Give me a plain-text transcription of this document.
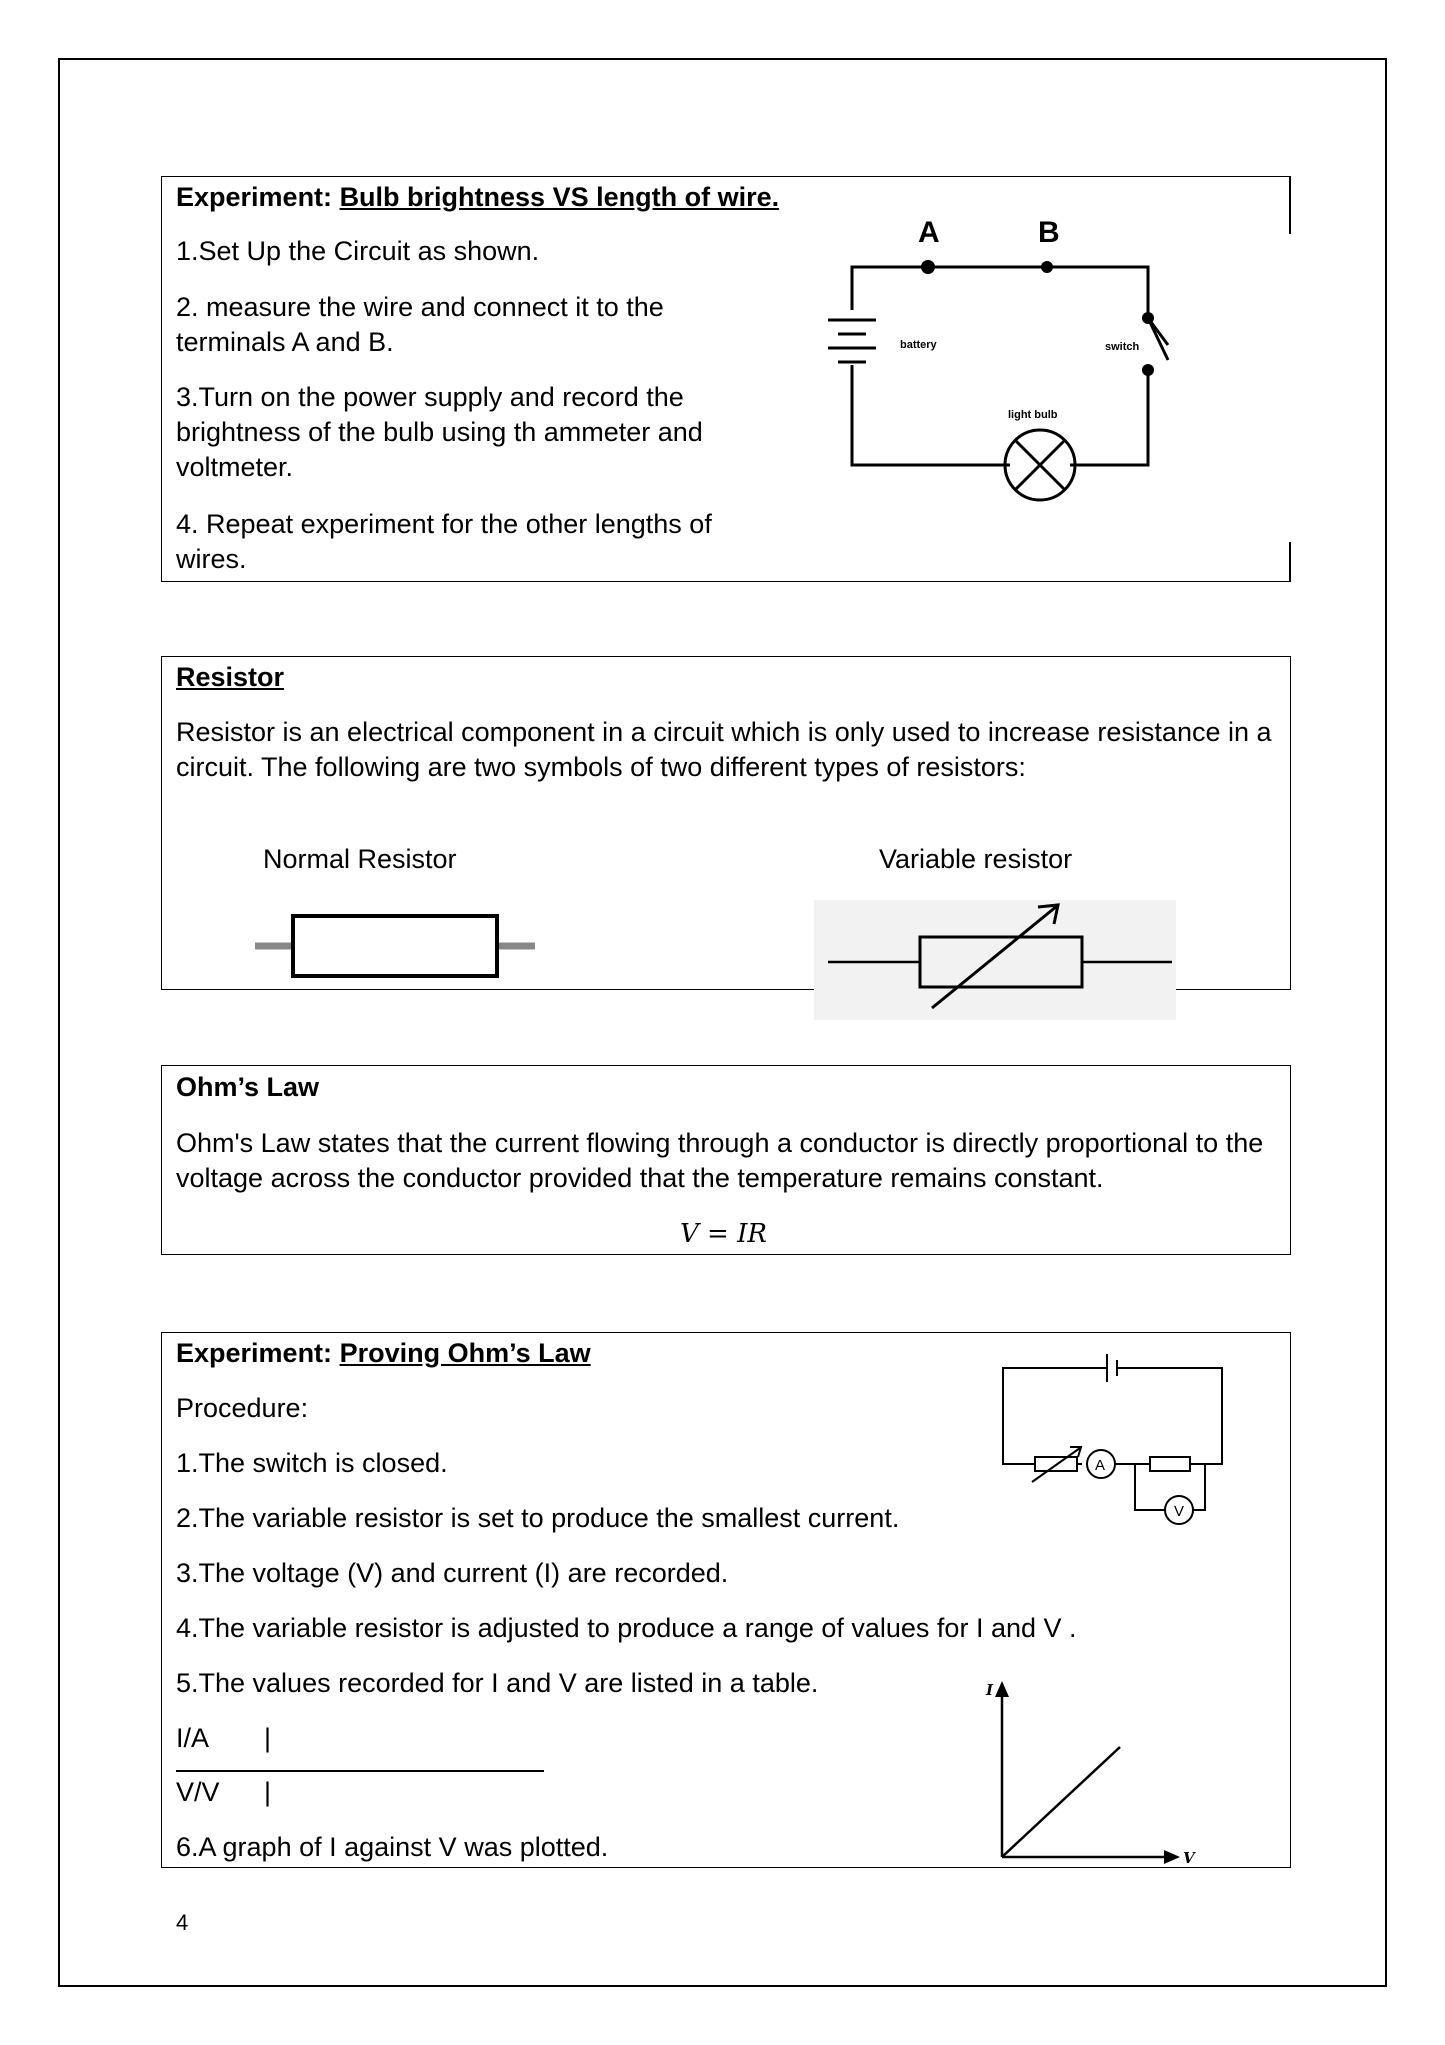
Experiment: Bulb brightness VS length of wire.
1.Set Up the Circuit as shown.
2. measure the wire and connect it to the terminals A and B.
3.Turn on the power supply and record the brightness of the bulb using th ammeter and voltmeter.
4. Repeat experiment for the other lengths of wires.
A	B
battery	switch
light bulb
Resistor
Resistor is an electrical component in a circuit which is only used to increase resistance in a circuit. The following are two symbols of two different types of resistors:
Normal Resistor	Variable resistor
Ohm’s Law
Ohm's Law states that the current flowing through a conductor is directly proportional to the voltage across the conductor provided that the temperature remains constant.
V = IR
Experiment: Proving Ohm’s Law
Procedure:
1.The switch is closed.
2.The variable resistor is set to produce the smallest current.
3.The voltage (V) and current (I) are recorded.
4.The variable resistor is adjusted to produce a range of values for I and V .
5.The values recorded for I and V are listed in a table.
I/A |
V/V |
6.A graph of I against V was plotted.
A
V
I
V
4
